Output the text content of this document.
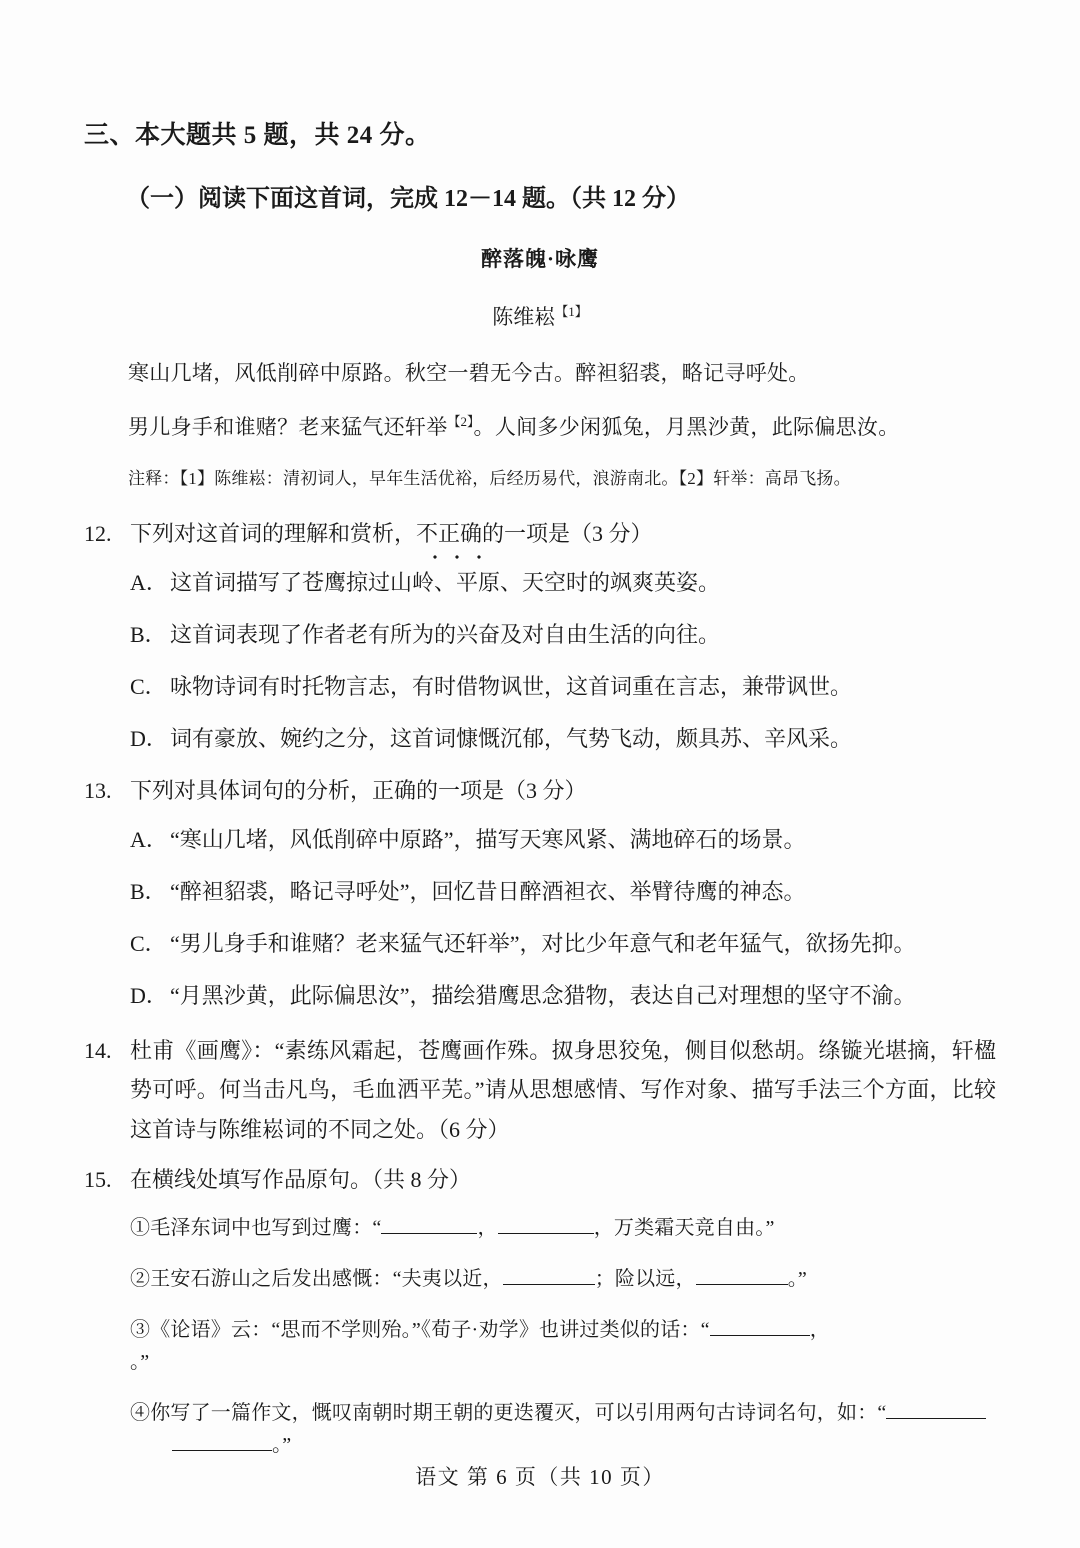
三、本大题共 5 题，共 24 分。
（一）阅读下面这首词，完成 12－14 题。（共 12 分）
醉落魄·咏鹰
陈维崧$^{【1】}$
寒山几堵，风低削碎中原路。秋空一碧无今古。醉袒貂裘，略记寻呼处。
男儿身手和谁赌？老来猛气还轩举$^{【2】}$。人间多少闲狐兔，月黑沙黄，此际偏思汝。
注释：【1】陈维崧：清初词人，早年生活优裕，后经历易代，浪游南北。【2】轩举：高昂飞扬。
12. 下列对这首词的理解和赏析，不正确的一项是（3 分）
A． 这首词描写了苍鹰掠过山岭、平原、天空时的飒爽英姿。
B． 这首词表现了作者老有所为的兴奋及对自由生活的向往。
C． 咏物诗词有时托物言志，有时借物讽世，这首词重在言志，兼带讽世。
D． 词有豪放、婉约之分，这首词慷慨沉郁，气势飞动，颇具苏、辛风采。
13. 下列对具体词句的分析，正确的一项是（3 分）
A． “寒山几堵，风低削碎中原路”，描写天寒风紧、满地碎石的场景。
B． “醉袒貂裘，略记寻呼处”，回忆昔日醉酒袒衣、举臂待鹰的神态。
C． “男儿身手和谁赌？老来猛气还轩举”，对比少年意气和老年猛气，欲扬先抑。
D． “月黑沙黄，此际偏思汝”，描绘猎鹰思念猎物，表达自己对理想的坚守不渝。
14. 杜甫《画鹰》：“素练风霜起，苍鹰画作殊。㧐身思狡兔，侧目似愁胡。绦镟光堪摘，轩楹势可呼。何当击凡鸟，毛血洒平芜。”请从思想感情、写作对象、描写手法三个方面，比较这首诗与陈维崧词的不同之处。（6 分）
15. 在横线处填写作品原句。（共 8 分）
①毛泽东词中也写到过鹰：“	，	，万类霜天竞自由。”
②王安石游山之后发出感慨：“夫夷以近，	；险以远，	。”
③《论语》云：“思而不学则殆。”《荀子·劝学》也讲过类似的话：“	，。”
④你写了一篇作文，慨叹南朝时期王朝的更迭覆灭，可以引用两句古诗词名句，如：“
。”
语文 第 6 页（共 10 页）
